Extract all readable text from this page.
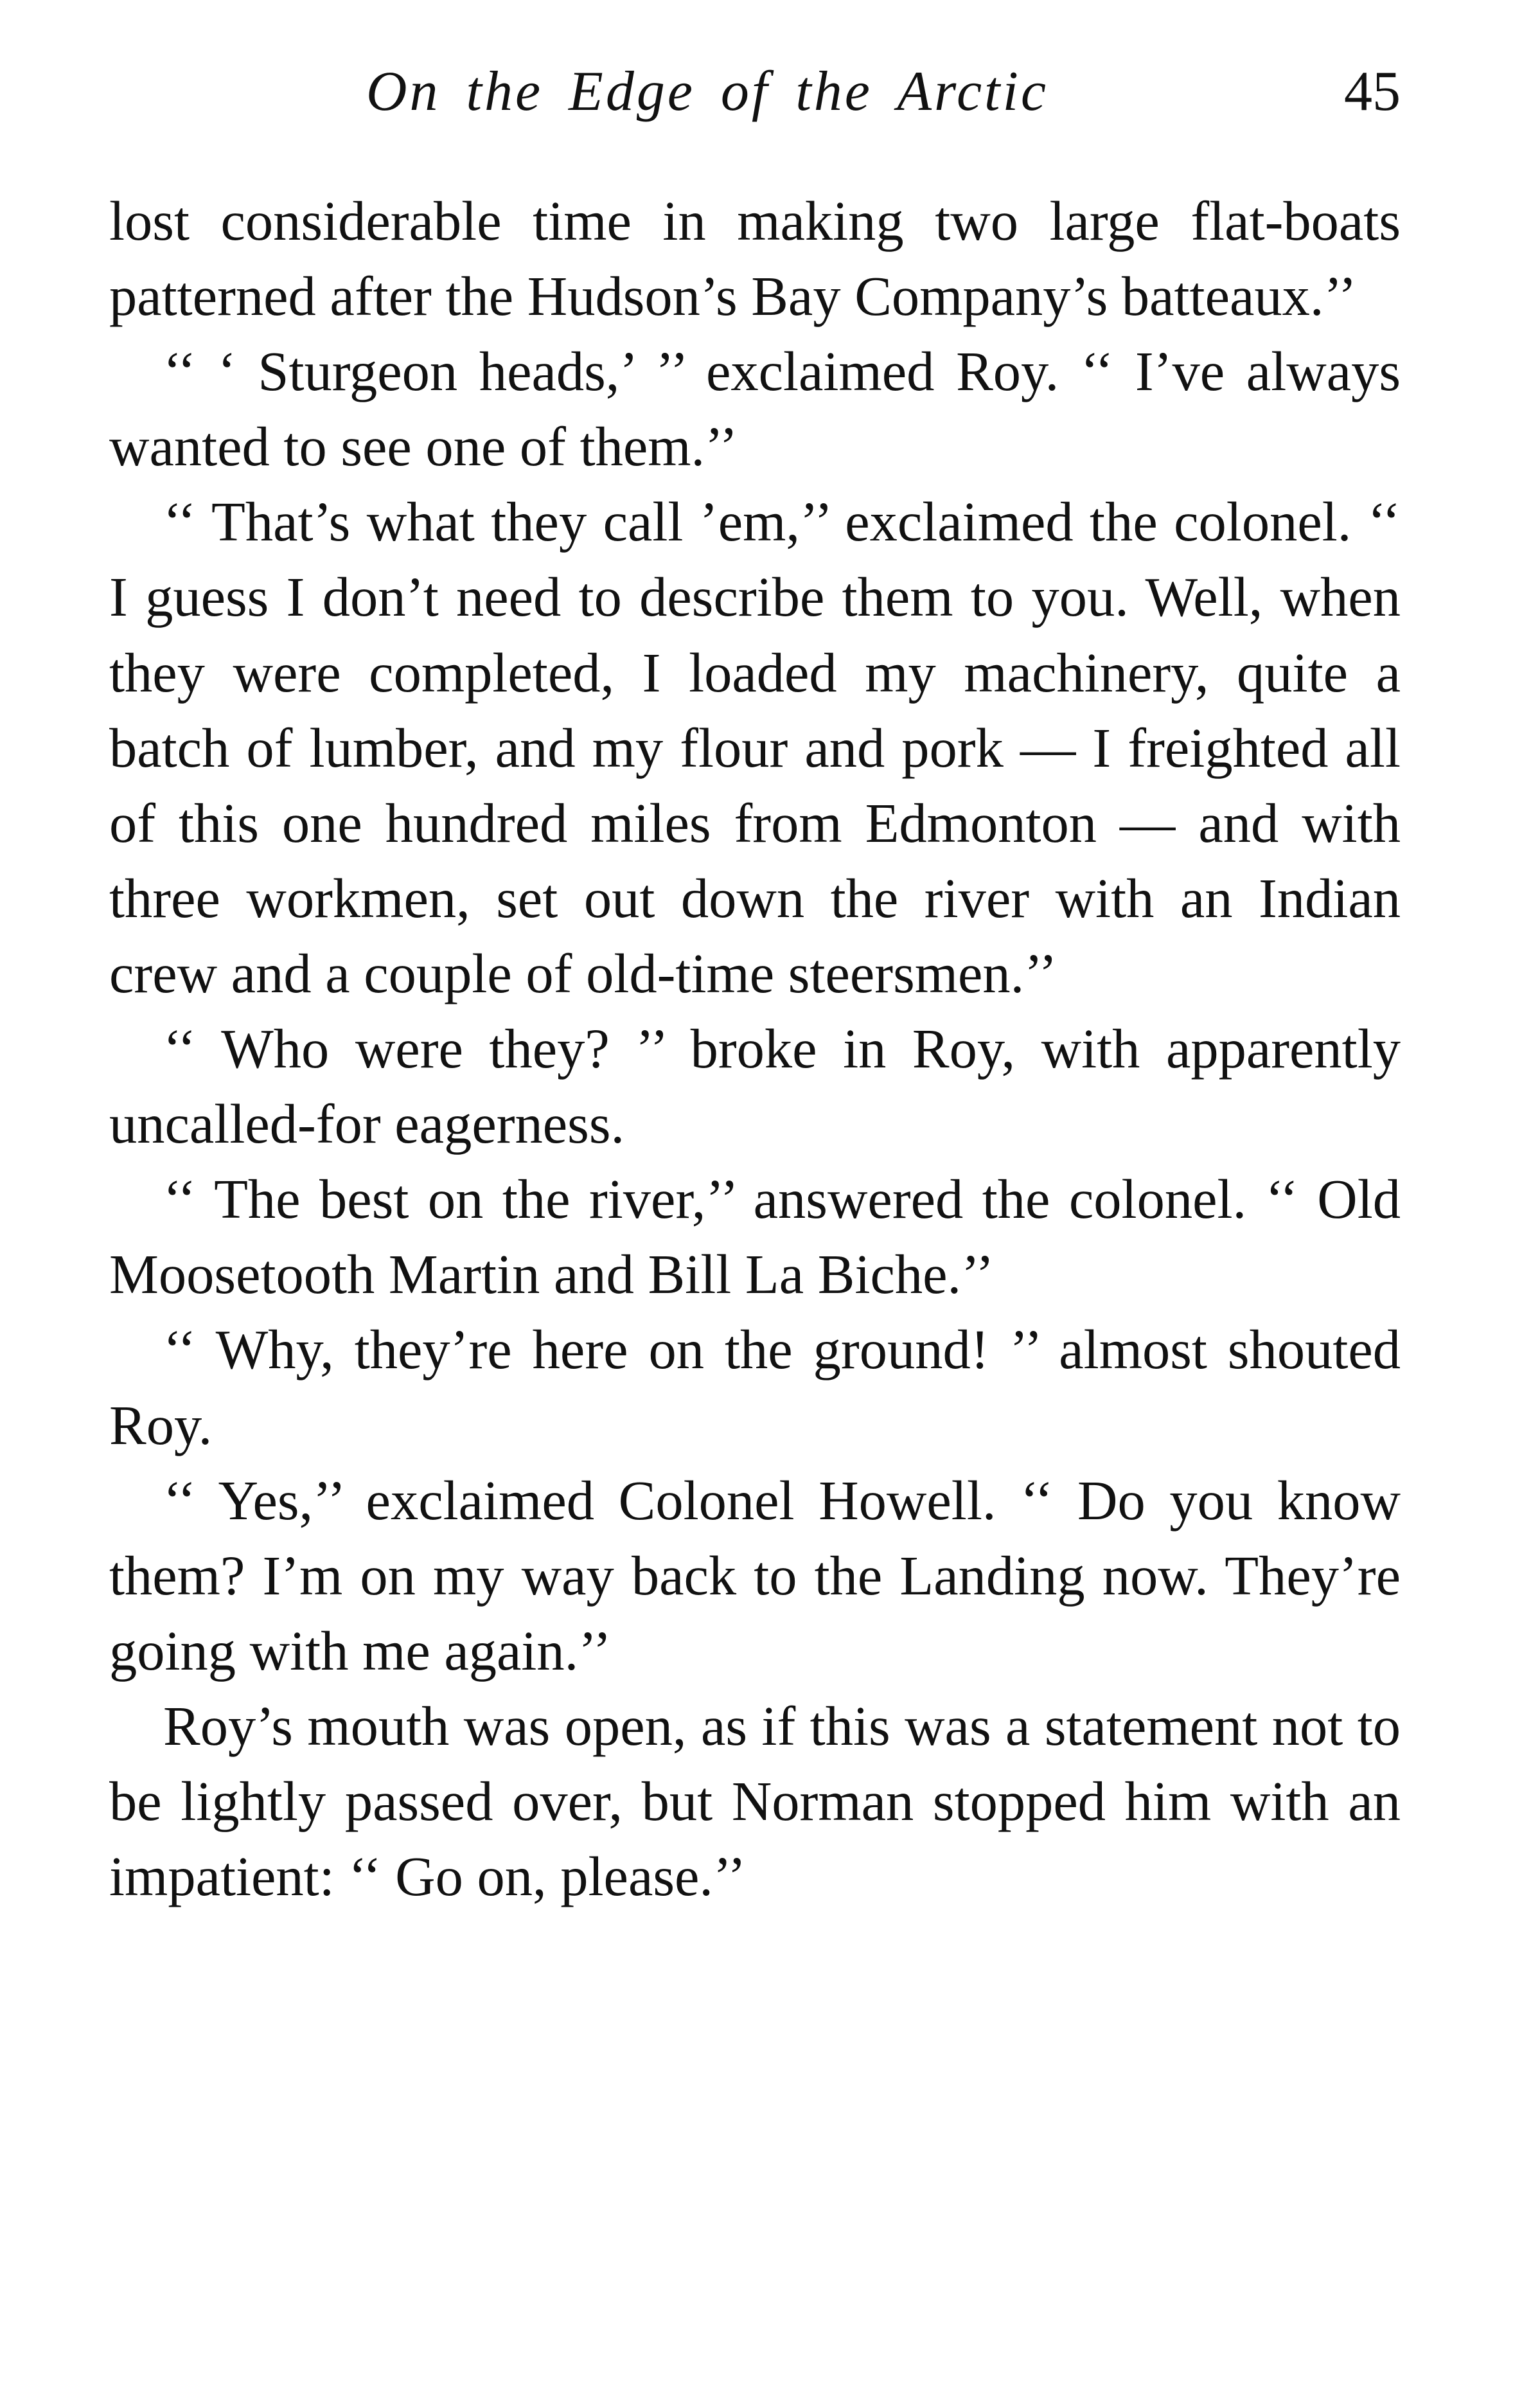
On the Edge of the Arctic	45

lost considerable time in making two large flat-boats patterned after the Hudson’s Bay Company’s batteaux.’’

‘‘ ‘ Sturgeon heads,’ ’’ exclaimed Roy. ‘‘ I’ve always wanted to see one of them.’’

‘‘ That’s what they call ’em,’’ exclaimed the colonel. ‘‘ I guess I don’t need to describe them to you. Well, when they were completed, I loaded my machinery, quite a batch of lumber, and my flour and pork — I freighted all of this one hundred miles from Edmonton — and with three workmen, set out down the river with an Indian crew and a couple of old-time steersmen.’’

‘‘ Who were they? ’’ broke in Roy, with apparently uncalled-for eagerness.

‘‘ The best on the river,’’ answered the colonel. ‘‘ Old Moosetooth Martin and Bill La Biche.’’

‘‘ Why, they’re here on the ground! ’’ almost shouted Roy.

‘‘ Yes,’’ exclaimed Colonel Howell. ‘‘ Do you know them? I’m on my way back to the Landing now. They’re going with me again.’’

Roy’s mouth was open, as if this was a statement not to be lightly passed over, but Norman stopped him with an impatient: ‘‘ Go on, please.’’
